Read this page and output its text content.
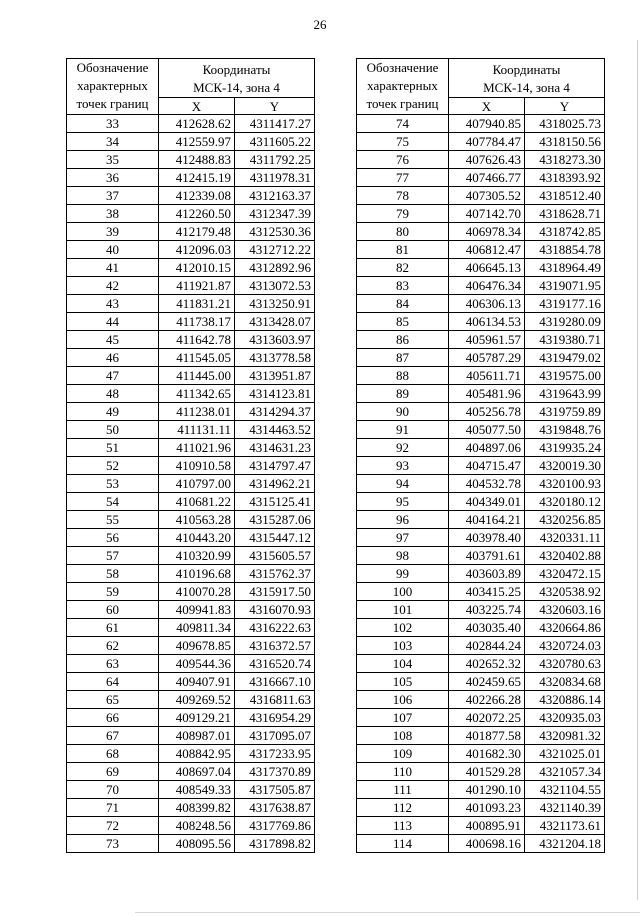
26
Обозначение
характерных
точек границ	Координаты
МСК-14, зона 4	

	X	Y
33	412628.62	4311417.27
34	412559.97	4311605.22
35	412488.83	4311792.25
36	412415.19	4311978.31
37	412339.08	4312163.37
38	412260.50	4312347.39
39	412179.48	4312530.36
40	412096.03	4312712.22
41	412010.15	4312892.96
42	411921.87	4313072.53
43	411831.21	4313250.91
44	411738.17	4313428.07
45	411642.78	4313603.97
46	411545.05	4313778.58
47	411445.00	4313951.87
48	411342.65	4314123.81
49	411238.01	4314294.37
50	411131.11	4314463.52
51	411021.96	4314631.23
52	410910.58	4314797.47
53	410797.00	4314962.21
54	410681.22	4315125.41
55	410563.28	4315287.06
56	410443.20	4315447.12
57	410320.99	4315605.57
58	410196.68	4315762.37
59	410070.28	4315917.50
60	409941.83	4316070.93
61	409811.34	4316222.63
62	409678.85	4316372.57
63	409544.36	4316520.74
64	409407.91	4316667.10
65	409269.52	4316811.63
66	409129.21	4316954.29
67	408987.01	4317095.07
68	408842.95	4317233.95
69	408697.04	4317370.89
70	408549.33	4317505.87
71	408399.82	4317638.87
72	408248.56	4317769.86
73	408095.56	4317898.82
Обозначение
характерных
точек границ	Координаты
МСК-14, зона 4	

	X	Y
74	407940.85	4318025.73
75	407784.47	4318150.56
76	407626.43	4318273.30
77	407466.77	4318393.92
78	407305.52	4318512.40
79	407142.70	4318628.71
80	406978.34	4318742.85
81	406812.47	4318854.78
82	406645.13	4318964.49
83	406476.34	4319071.95
84	406306.13	4319177.16
85	406134.53	4319280.09
86	405961.57	4319380.71
87	405787.29	4319479.02
88	405611.71	4319575.00
89	405481.96	4319643.99
90	405256.78	4319759.89
91	405077.50	4319848.76
92	404897.06	4319935.24
93	404715.47	4320019.30
94	404532.78	4320100.93
95	404349.01	4320180.12
96	404164.21	4320256.85
97	403978.40	4320331.11
98	403791.61	4320402.88
99	403603.89	4320472.15
100	403415.25	4320538.92
101	403225.74	4320603.16
102	403035.40	4320664.86
103	402844.24	4320724.03
104	402652.32	4320780.63
105	402459.65	4320834.68
106	402266.28	4320886.14
107	402072.25	4320935.03
108	401877.58	4320981.32
109	401682.30	4321025.01
110	401529.28	4321057.34
111	401290.10	4321104.55
112	401093.23	4321140.39
113	400895.91	4321173.61
114	400698.16	4321204.18
